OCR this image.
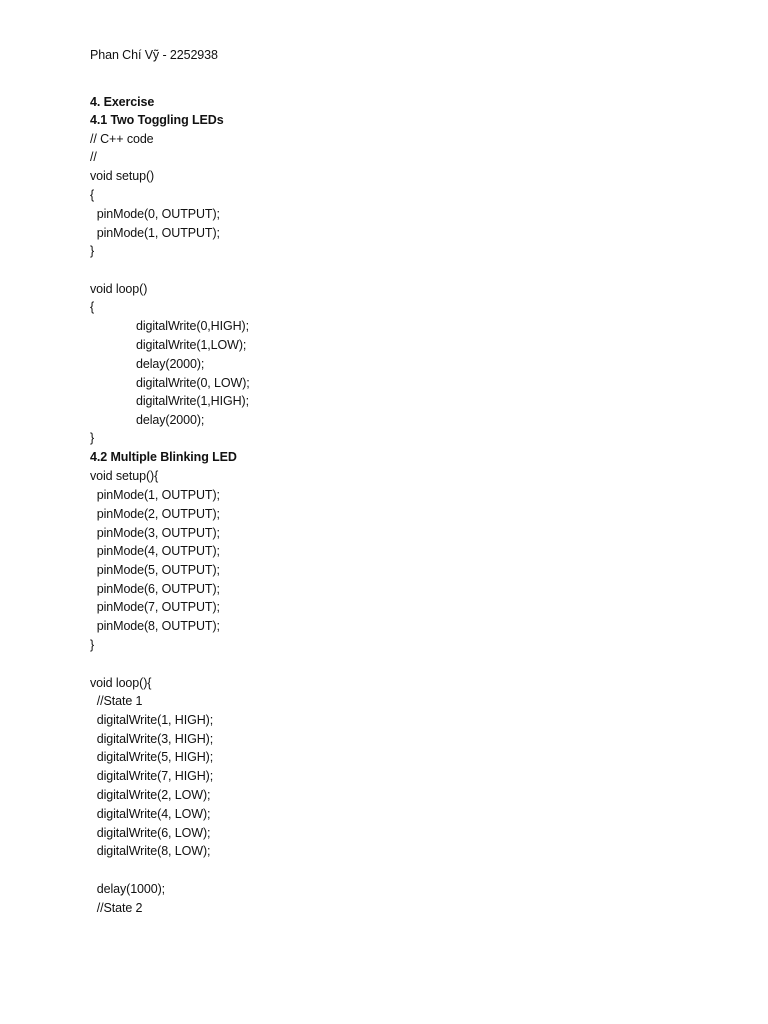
Phan Chí Vỹ - 2252938
4. Exercise
4.1 Two Toggling LEDs
// C++ code
//
void setup()
{
pinMode(0, OUTPUT);
pinMode(1, OUTPUT);
}
void loop()
{
digitalWrite(0,HIGH);
digitalWrite(1,LOW);
delay(2000);
digitalWrite(0, LOW);
digitalWrite(1,HIGH);
delay(2000);
}
4.2 Multiple Blinking LED
void setup(){
pinMode(1, OUTPUT);
pinMode(2, OUTPUT);
pinMode(3, OUTPUT);
pinMode(4, OUTPUT);
pinMode(5, OUTPUT);
pinMode(6, OUTPUT);
pinMode(7, OUTPUT);
pinMode(8, OUTPUT);
}
void loop(){
//State 1
digitalWrite(1, HIGH);
digitalWrite(3, HIGH);
digitalWrite(5, HIGH);
digitalWrite(7, HIGH);
digitalWrite(2, LOW);
digitalWrite(4, LOW);
digitalWrite(6, LOW);
digitalWrite(8, LOW);
delay(1000);
//State 2
